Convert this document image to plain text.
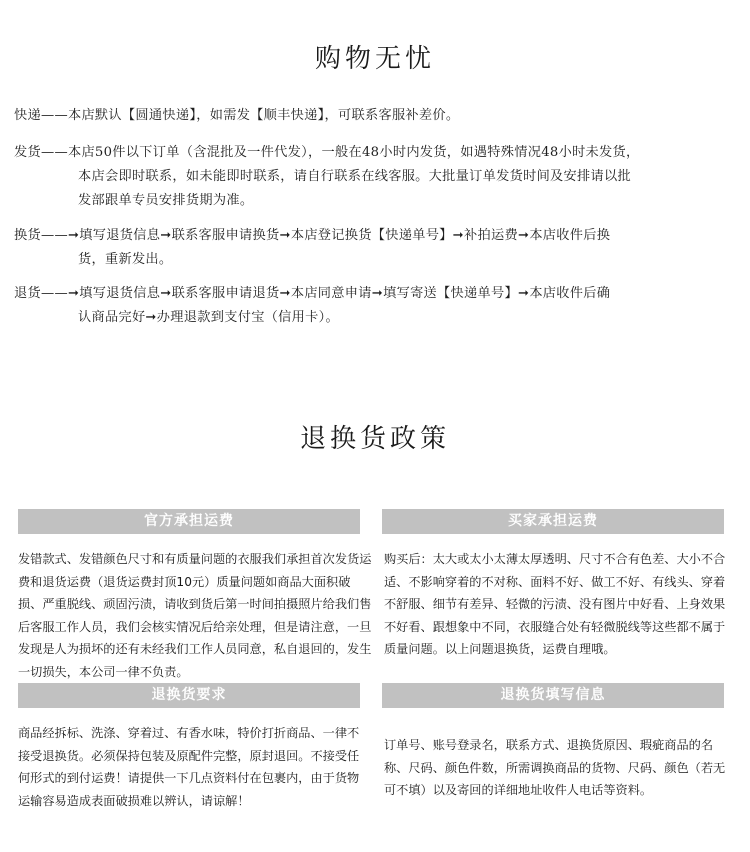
购物无忧
快递——本店默认【圆通快递】，如需发【顺丰快递】，可联系客服补差价。
发货——本店50件以下订单（含混批及一件代发），一般在48小时内发货，如遇特殊情况48小时未发货，
本店会即时联系，如未能即时联系，请自行联系在线客服。大批量订单发货时间及安排请以批
发部跟单专员安排货期为准。
换货——➞填写退货信息➞联系客服申请换货➞本店登记换货【快递单号】➞补拍运费➞本店收件后换
货，重新发出。
退货——➞填写退货信息➞联系客服申请退货➞本店同意申请➞填写寄送【快递单号】➞本店收件后确
认商品完好➞办理退款到支付宝（信用卡）。
退换货政策
官方承担运费
发错款式、发错颜色尺寸和有质量问题的衣服我们承担首次发货运费和退货运费（退货运费封顶10元）质量问题如商品大面积破损、严重脱线、顽固污渍，请收到货后第一时间拍摄照片给我们售后客服工作人员，我们会核实情况后给亲处理，但是请注意，一旦发现是人为损坏的还有未经我们工作人员同意，私自退回的，发生一切损失，本公司一律不负责。
买家承担运费
购买后：太大或太小太薄太厚透明、尺寸不合有色差、大小不合适、不影响穿着的不对称、面料不好、做工不好、有线头、穿着不舒服、细节有差异、轻微的污渍、没有图片中好看、上身效果不好看、跟想象中不同，衣服缝合处有轻微脱线等这些都不属于质量问题。以上问题退换货，运费自理哦。
退换货要求
商品经拆标、洗涤、穿着过、有香水味，特价打折商品、一律不接受退换货。必须保持包装及原配件完整，原封退回。不接受任何形式的到付运费！请提供一下几点资料付在包裹内，由于货物运输容易造成表面破损难以辨认，请谅解！
退换货填写信息
订单号、账号登录名，联系方式、退换货原因、瑕疵商品的名称、尺码、颜色件数，所需调换商品的货物、尺码、颜色（若无可不填）以及寄回的详细地址收件人电话等资料。
